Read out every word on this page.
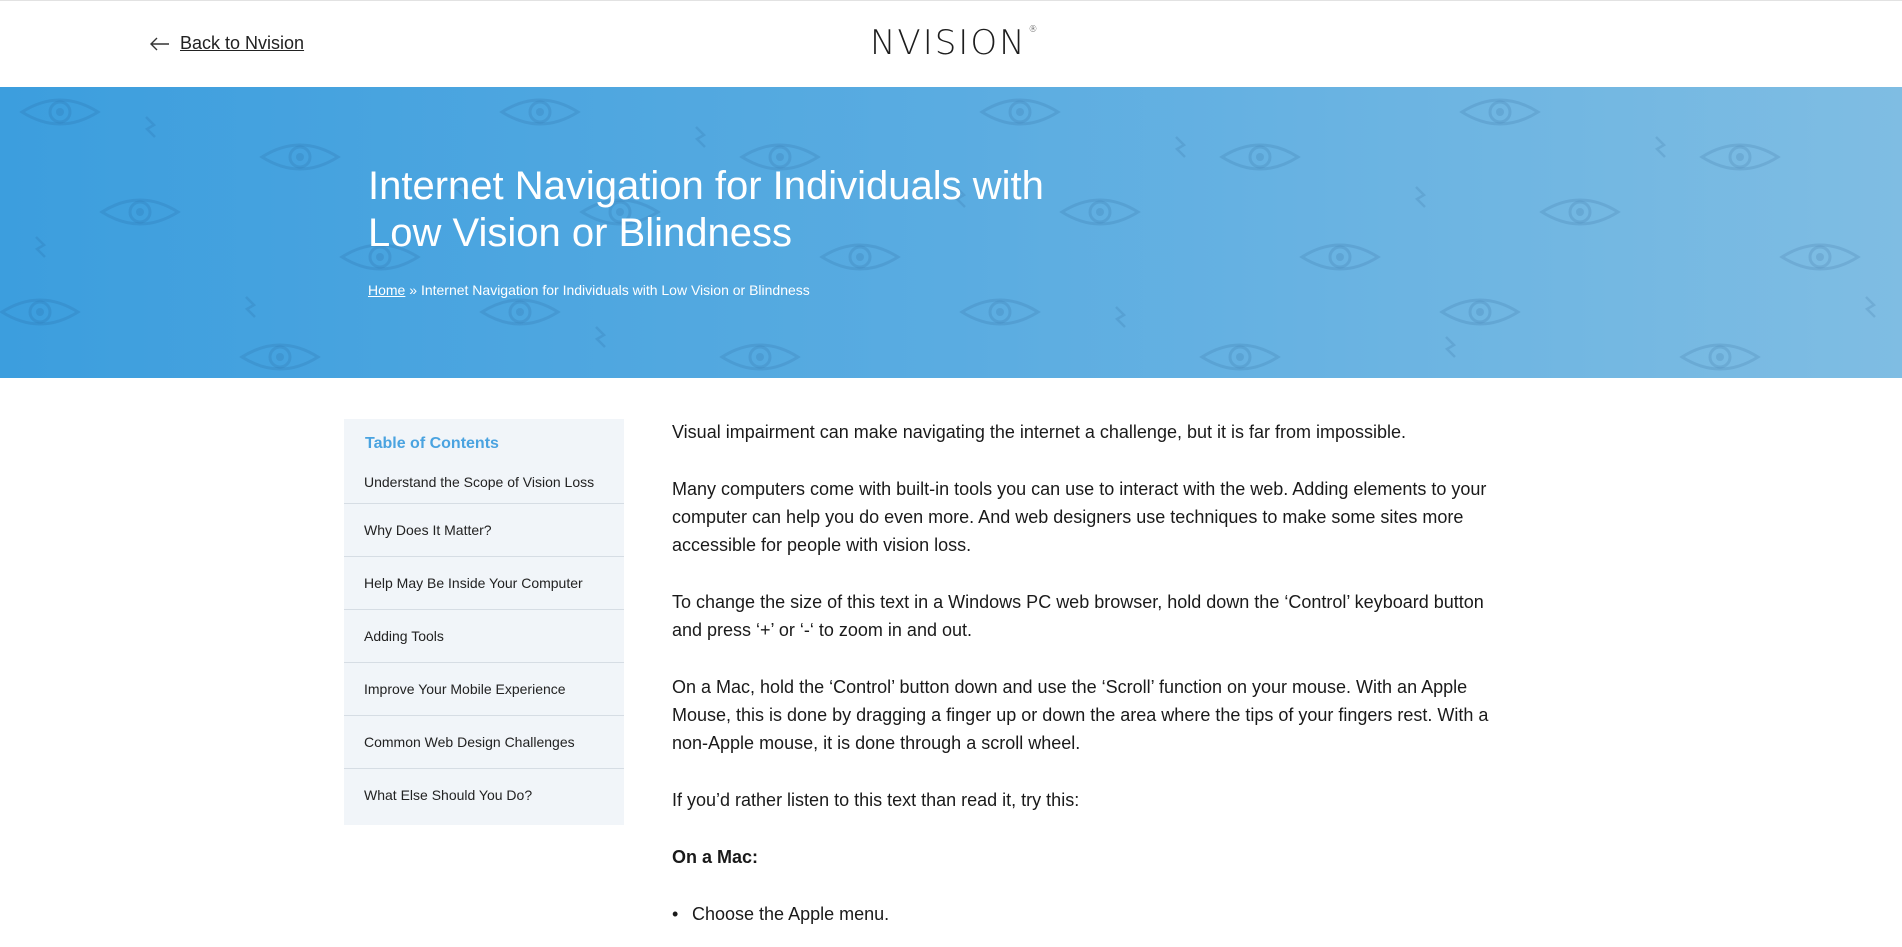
Back to Nvision	NVISION ®
Internet Navigation for Individuals with
Low Vision or Blindness
Home » Internet Navigation for Individuals with Low Vision or Blindness
Table of Contents
Understand the Scope of Vision Loss
Why Does It Matter?
Help May Be Inside Your Computer
Adding Tools
Improve Your Mobile Experience
Common Web Design Challenges
What Else Should You Do?

Visual impairment can make navigating the internet a challenge, but it is far from impossible.

Many computers come with built-in tools you can use to interact with the web. Adding elements to your computer can help you do even more. And web designers use techniques to make some sites more accessible for people with vision loss.

To change the size of this text in a Windows PC web browser, hold down the ‘Control’ keyboard button and press ‘+’ or ‘-‘ to zoom in and out.

On a Mac, hold the ‘Control’ button down and use the ‘Scroll’ function on your mouse. With an Apple Mouse, this is done by dragging a finger up or down the area where the tips of your fingers rest. With a non-Apple mouse, it is done through a scroll wheel.

If you’d rather listen to this text than read it, try this:

On a Mac:
• Choose the Apple menu.
